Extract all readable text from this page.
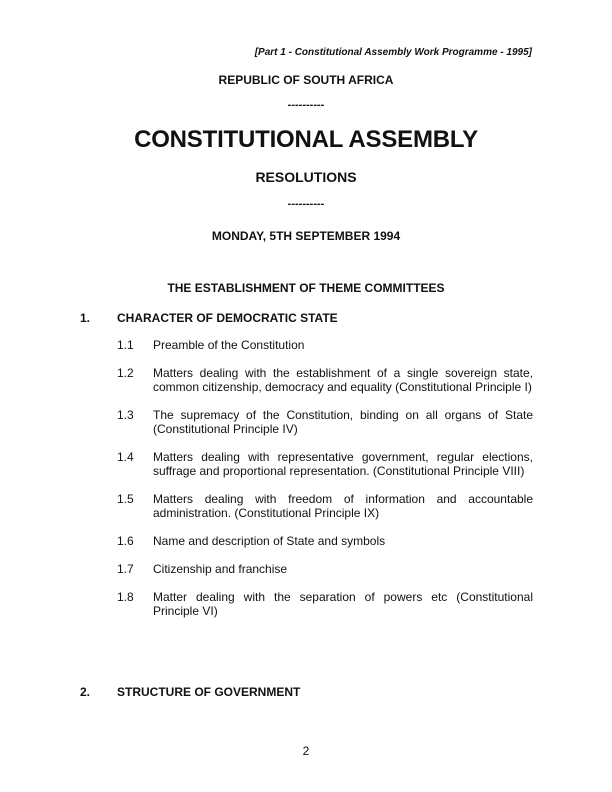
[Part 1 - Constitutional Assembly Work Programme - 1995]
REPUBLIC OF SOUTH AFRICA
----------
CONSTITUTIONAL ASSEMBLY
RESOLUTIONS
----------
MONDAY, 5TH SEPTEMBER 1994
THE ESTABLISHMENT OF THEME COMMITTEES
1.	CHARACTER OF DEMOCRATIC STATE
1.1	Preamble of the Constitution
1.2	Matters dealing with the establishment of a single sovereign state, common citizenship, democracy and equality (Constitutional Principle I)
1.3	The supremacy of the Constitution, binding on all organs of State (Constitutional Principle IV)
1.4	Matters dealing with representative government, regular elections, suffrage and proportional representation. (Constitutional Principle VIII)
1.5	Matters dealing with freedom of information and accountable administration. (Constitutional Principle IX)
1.6	Name and description of State and symbols
1.7	Citizenship and franchise
1.8	Matter dealing with the separation of powers etc (Constitutional Principle VI)
2.	STRUCTURE OF GOVERNMENT
2
